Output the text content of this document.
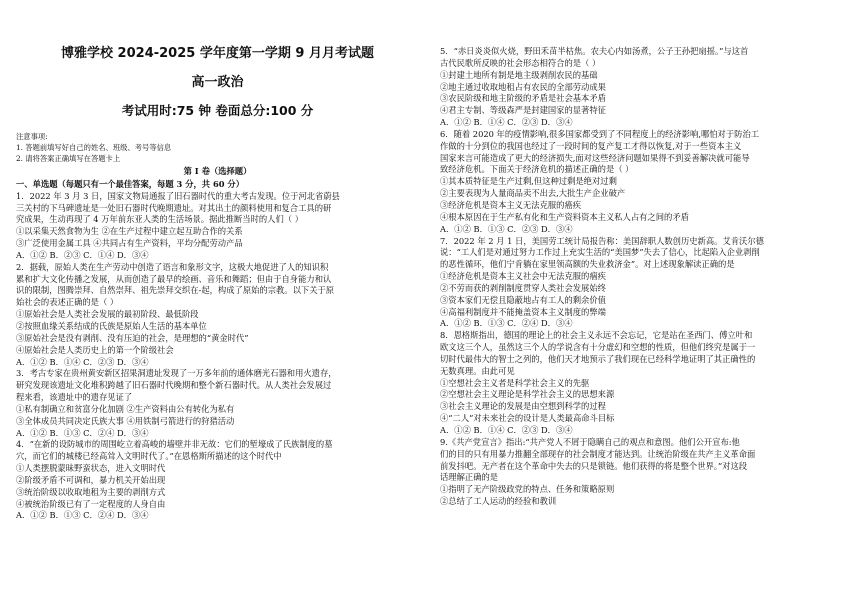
博雅学校 2024-2025 学年度第一学期 9 月月考试题
高一政治
考试用时:75 钟 卷面总分:100 分
注意事项:
1. 答题前填写好自己的姓名、班级、考号等信息
2. 请将答案正确填写在答题卡上
第 I 卷（选择题）
一、单选题（每题只有一个最佳答案，每题 3 分，共 60 分）
1．2022 年 3 月 3 日，国家文物局通报了旧石器时代的重大考古发现。位于河北省蔚县
三关村的下马碑遗址是一处旧石器时代晚期遗址。对其出土的颜料使用和复合工具的研
究成果，生动再现了 4 万年前东亚人类的生活场景。据此推断当时的人们（ ）
①以采集天然食物为生 ②在生产过程中建立起互助合作的关系
③广泛使用金属工具 ④共同占有生产资料，平均分配劳动产品
A．①② B．②③ C．①④ D．③④
2．据载，原始人类在生产劳动中创造了语言和象形文字，这极大地促进了人的知识积
累和扩大文化传播之发展，从而创造了最早的绘画、音乐和舞蹈；但由于自身能力和认
识的限制，图腾崇拜、自然崇拜、祖先崇拜交织在-起，构成了原始的宗教。以下关于原
始社会的表述正确的是（ ）
①原始社会是人类社会发展的最初阶段、最低阶段
②按照血缘关系结成的氏族是原始人生活的基本单位
③原始社会是没有剥削、没有压迫的社会，是理想的“黄金时代”
④原始社会是人类历史上的第一个阶级社会
A．①② B．①④ C．②③ D．③④
3．考古专家在贵州黄安新区招果洞遗址发现了一万多年前的通体磨光石器和用火遗存，
研究发现该遗址文化堆积跨越了旧石器时代晚期和整个新石器时代。从人类社会发展过
程来看，该遗址中的遗存见证了
①私有制确立和贫富分化加剧 ②生产资料由公有转化为私有
③全体成员共同决定氏族大事 ④用铁制弓箭进行的狩猎活动
A．①② B．①③ C．②④ D．③④
4．“在新的设防城市的周围屹立着高峻的墙壁并非无故：它们的堑壕成了氏族制度的墓
穴，而它们的城楼已经高耸入文明时代了。”在恩格斯所描述的这个时代中
①人类摆脱蒙昧野蛮状态，进入文明时代
②阶级矛盾不可调和，暴力机关开始出现
③统治阶级以收取地租为主要的剥削方式
④被统治阶级已有了一定程度的人身自由
A．①② B．①③ C．②④ D．③④
5．“赤日炎炎似火烧，野田禾苗半枯焦。农夫心内如汤煮，公子王孙把扇摇。”与这首
古代民歌所反映的社会形态相符合的是（ ）
①封建土地所有制是地主级剥削农民的基础
②地主通过收取地租占有农民的全部劳动成果
③农民阶级和地主阶级的矛盾是社会基本矛盾
④君主专制、等级森严是封建国家的显著特征
A．①② B．①④ C．②③ D．③④
6．随着 2020 年的疫情影响,很多国家都受到了不同程度上的经济影响,哪怕对于防治工
作做的十分到位的我国也经过了一段时间的复产复工才得以恢复,对于一些资本主义
国家来言可能造成了更大的经济损失,面对这些经济问题如果得不到妥善解决就可能导
致经济危机。下面关于经济危机的描述正确的是（ ）
①其本质特征是生产过剩,但这种过剩是绝对过剩
②主要表现为人量商品卖不出去,大批生产企业破产
③经济危机是资本主义无法克服的癌疾
④根本原因在于生产私有化和生产资料资本主义私人占有之间的矛盾
A．①② B．①③ C．②③ D．③④
7．2022 年 2 月 1 日，美国劳工统计局报告称：美国辞职人数创历史新高。艾肯沃尔德
说：“工人们是对通过努力工作过上充实生活的“美国梦”失去了信心，比起陷入企业剥削
的恶性循环，他们宁肯躺在家里领高额的失业救济金”。对上述现象解读正确的是
①经济危机是资本主义社会中无法克服的痼疾
②不劳而获的剥削制度贯穿人类社会发展始终
③资本家们无偿且隐蔽地占有工人的剩余价值
④高福利制度并不能掩盖资本主义制度的弊端
A．①② B．①③ C．②④ D．③④
8．恩格斯指出，德国的理论上的社会主义永远不会忘记，它是站在圣西门、傅立叶和
欧文这三个人，虽然这三个人的学说含有十分虚幻和空想的性质，但他们终究是属于一
切时代最伟大的智士之列的，他们天才地预示了我们现在已经科学地证明了其正确性的
无数真理。由此可见
①空想社会主义者是科学社会主义的先驱
②空想社会主义理论是科学社会主义的思想来源
③社会主义理论的发展是由空想到科学的过程
④“二人”对未来社会的设计是人类最高命斗目标
A．①② B．①④ C．②③ D．③④
9.《共产党宣言》指出:“共产党人不屑于隐瞒自己的观点和意图。他们公开宣布:他
们的目的只有用暴力推翻全部现存的社会制度才能达到。让统治阶级在共产主义革命面
前发抖吧。无产者在这个革命中失去的只是锁链。他们获得的将是整个世界。”对这段
话理解正确的是
①指明了无产阶级政党的特点、任务和策略原则
②总结了工人运动的经验和教训
